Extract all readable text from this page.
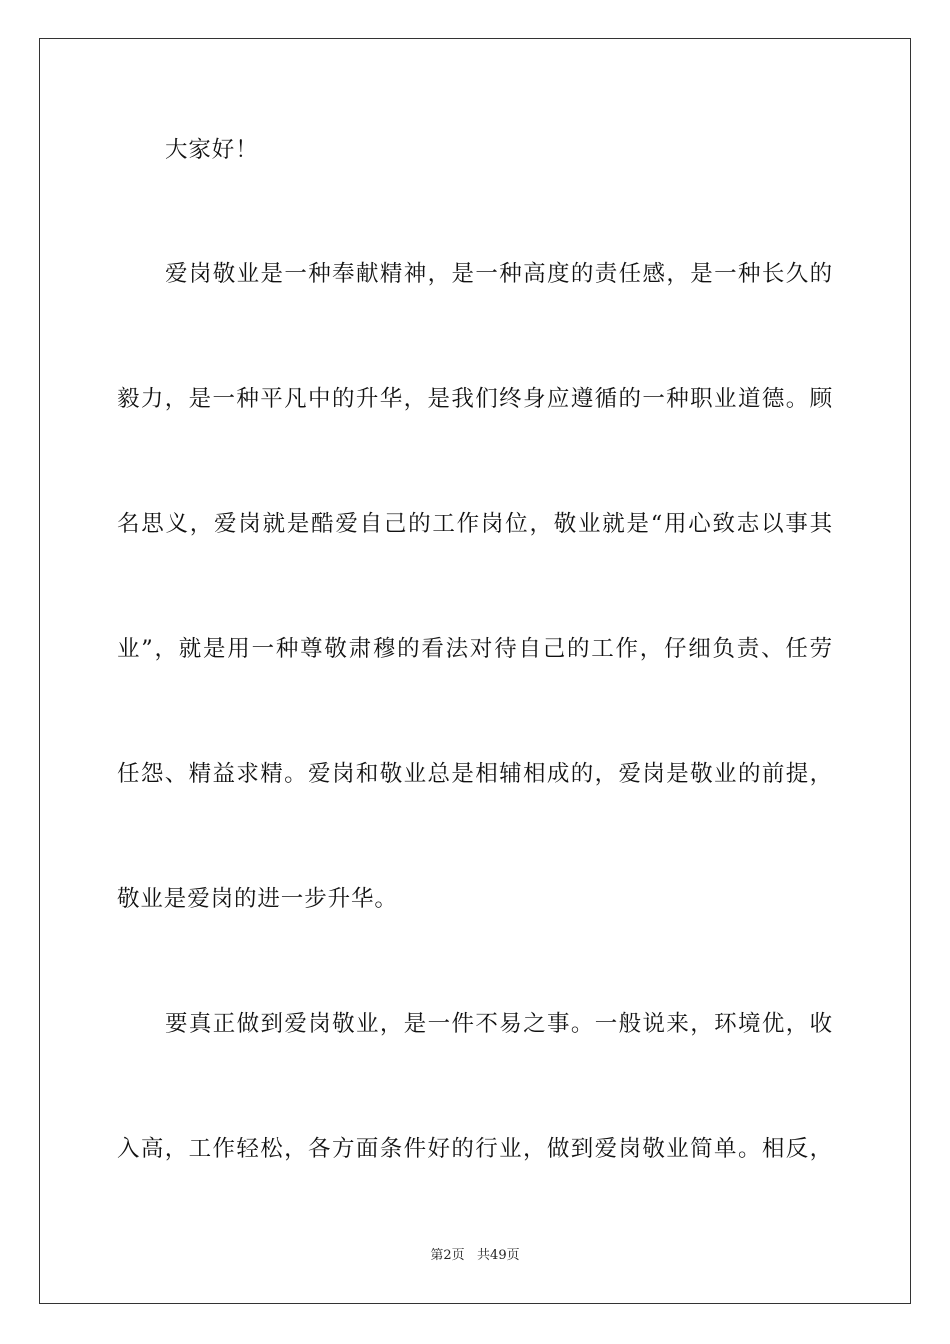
大家好！
爱岗敬业是一种奉献精神，是一种高度的责任感，是一种长久的
毅力，是一种平凡中的升华，是我们终身应遵循的一种职业道德。顾
名思义，爱岗就是酷爱自己的工作岗位，敬业就是“用心致志以事其
业”，就是用一种尊敬肃穆的看法对待自己的工作，仔细负责、任劳
任怨、精益求精。爱岗和敬业总是相辅相成的，爱岗是敬业的前提，
敬业是爱岗的进一步升华。
要真正做到爱岗敬业，是一件不易之事。一般说来，环境优，收
入高，工作轻松，各方面条件好的行业，做到爱岗敬业简单。相反，
第2页   共49页
